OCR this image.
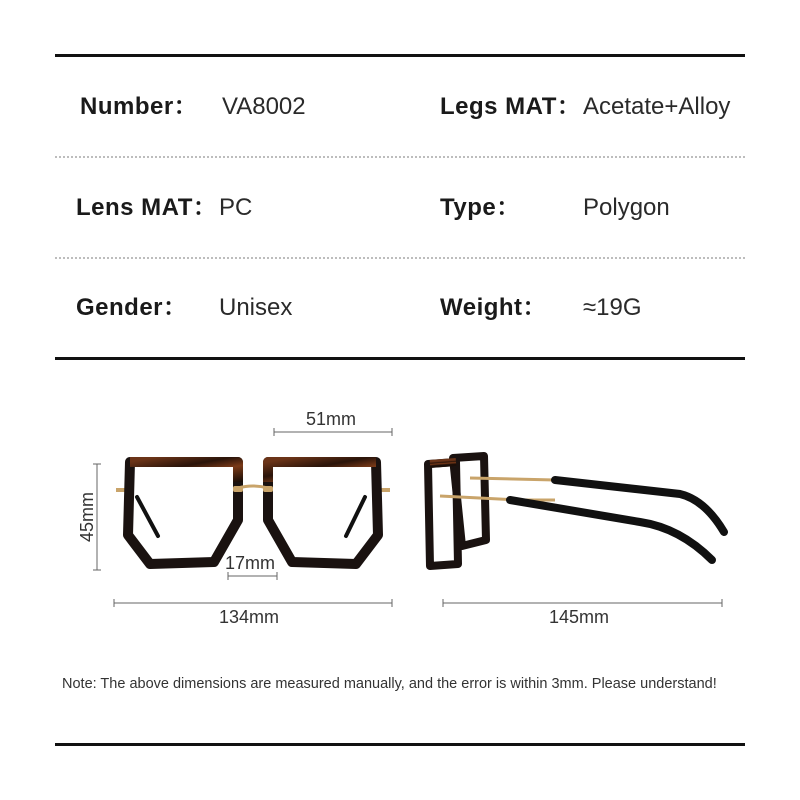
Number： VA8002	Legs MAT： Acetate+Alloy
Lens MAT： PC	Type：	Polygon
Gender： Unisex	Weight： ≈19G
51mm
45mm
17mm
134mm	145mm
Note: The above dimensions are measured manually, and the error is within 3mm. Please understand!
